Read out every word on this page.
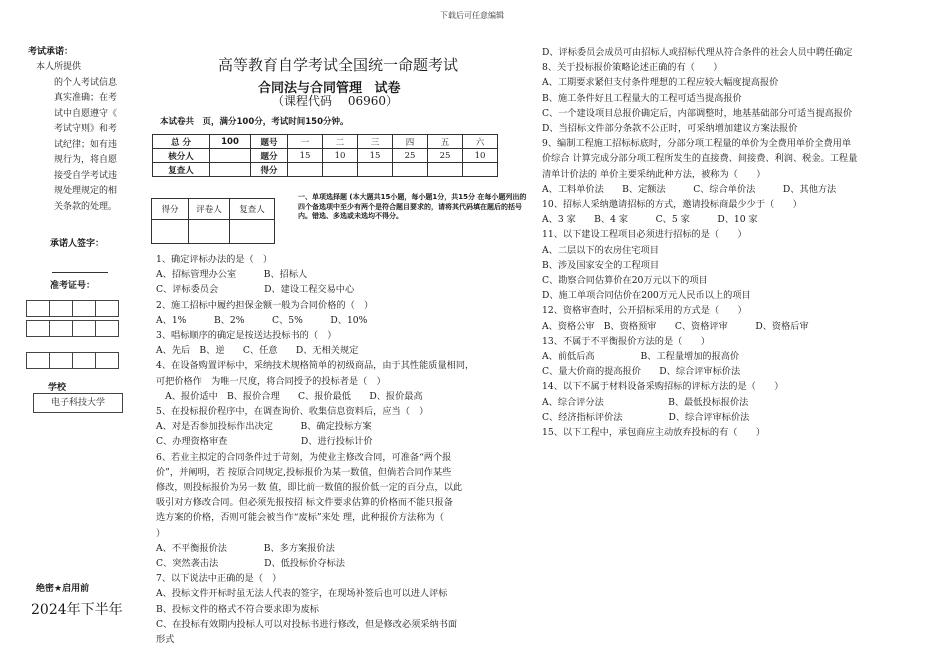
下载后可任意编辑
考试承诺：
本人所提供
的个人考试信息
真实准确；在考
试中自愿遵守《
考试守则》和考
试纪律；如有违
规行为，将自愿
接受自学考试违
规处理规定的相
关条款的处理。
承诺人签字：
准考证号：
学校
电子科技大学
绝密★启用前
2024年下半年
高等教育自学考试全国统一命题考试
合同法与合同管理 试卷
（课程代码　 06960）
本试卷共　页，满分100分，考试时间150分钟。
总 分	100	题号	一	二	三	四	五	六
核分人		题分	15	10	15	25	25	10
复查人		得分						
得分	评卷人	复查人

一、单项选择题 (本大题共15小题，每小题1分，共15分 在每小题列出的四个备选项中至少有两个是符合题目要求的，请将其代码填在题后的括号内。错选、多选或未选均不得分。
1、确定评标办法的是（　）
A、招标管理办公室　　　B、招标人
C、评标委员会　　　　　D、建设工程交易中心
2、施工招标中履约担保金额一般为合同价格的（　）
A、1%　　　B、2%　　　C、5%　　　D、10%
3、唱标顺序的确定是按送达投标书的（　）
A、先后　B、逆　　C、任意　　D、无相关规定
4、在设备购置评标中，采纳技术规格简单的初级商品，由于其性能质量相同，
可把价格作　为唯一尺度，将合同授予的投标者是（　）
　A、报价适中　B、报价合理　　C、报价最低　　D、报价最高
5、在投标报价程序中，在调查询价、收集信息资料后，应当（　）
A、对是否参加投标作出决定　　　B、确定投标方案
C、办理资格审查　　　　　　　　D、进行投标计价
6、若业主拟定的合同条件过于苛刻，为使业主修改合同，可准备“两个报
价”，并阐明，若 按原合同规定,投标报价为某一数值，但倘若合同作某些
修改，则投标报价为另一数 值，即比前一数值的报价低一定的百分点，以此
吸引对方修改合同。但必须先报按招 标文件要求估算的价格而不能只报备
选方案的价格，否则可能会被当作“废标”来处 理，此种报价方法称为（
）
A、不平衡报价法　　　　B、多方案报价法
C、突然袭击法　　　　　D、低投标价夺标法
7、以下说法中正确的是（　）
A、投标文件开标时虽无法人代表的签字，在现场补签后也可以进人评标
B、投标文件的格式不符合要求即为废标
C、在投标有效期内投标人可以对投标书进行修改，但是修改必须采纳书面
形式
D、评标委员会成员可由招标人或招标代理从符合条件的社会人员中聘任确定
8、关于投标报价策略论述正确的有（　　）
A、工期要求紧但支付条件理想的工程应较大幅度提高报价
B、施工条件好且工程量大的工程可适当提高报价
C、一个建设项目总报价确定后，内部调整时，地基基础部分可适当提高报价
D、当招标文件部分条款不公正时，可采纳增加建议方案法报价
9、编制工程施工招标标底时，分部分项工程量的单价为全费用单价全费用单
价综合 计算完成分部分项工程所发生的直接费、间接费、利润、税金。工程量
清单计价法的 单价主要采纳此种方法，被称为（　　）
A、工料单价法　　B、定额法　　　C、综合单价法　　　D、其他方法
10、招标人采纳邀请招标的方式，邀请投标商最少少于（　　）
A、3 家　　B、4 家　　　C、5 家　　　D、10 家
11、以下建设工程项目必须进行招标的是（　　）
A、二层以下的农房住宅项目
B、涉及国家安全的工程项目
C、勘察合同估算价在20万元以下的项目
D、施工单项合同估价在200万元人民币以上的项目
12、资格审查时，公开招标采用的方式是（　　）
A、资格公审　B、资格预审　　C、资格评审　　　D、资格后审
13、不属于不平衡报价方法的是（　　）
A、前低后高　　　　　B、工程量增加的报高价
C、量大价商的提高报价　　D、综合评审标价法
14、以下不属于材料设备采购招标的评标方法的是（　　）
A、综合评分法　　　　　　　B、最低投标报价法
C、经济指标评价法　　　　　D、综合评审标价法
15、以下工程中，承包商应主动放弃投标的有（　　）
